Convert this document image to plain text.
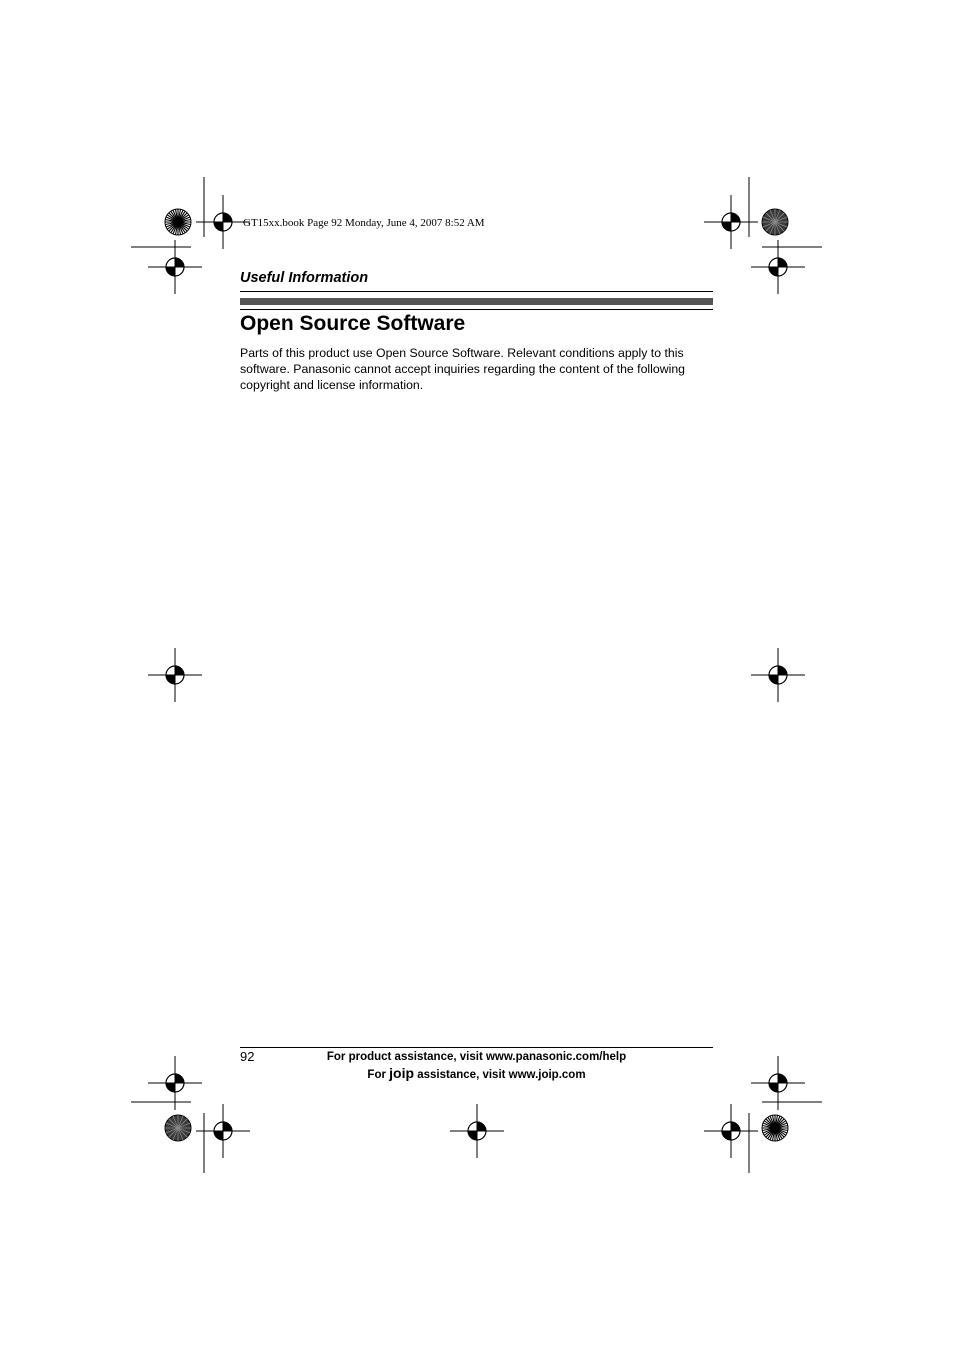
GT15xx.book Page 92 Monday, June 4, 2007 8:52 AM
Useful Information
Open Source Software
Parts of this product use Open Source Software. Relevant conditions apply to this software. Panasonic cannot accept inquiries regarding the content of the following copyright and license information.
92	For product assistance, visit www.panasonic.com/help
For joip assistance, visit www.joip.com
